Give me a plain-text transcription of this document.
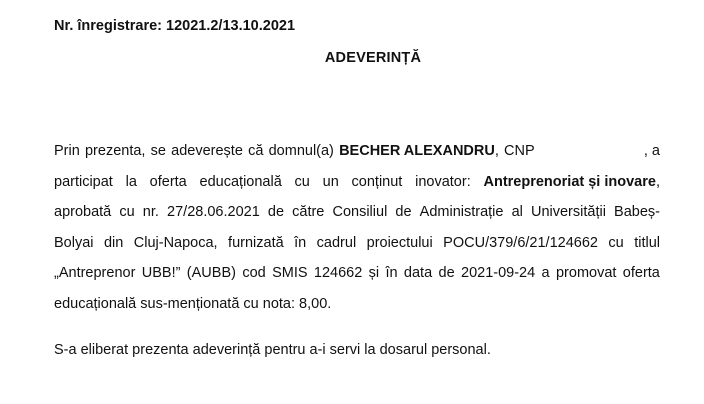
Nr. înregistrare: 12021.2/13.10.2021
ADEVERINȚĂ
Prin prezenta, se adeverește că domnul(a) BECHER ALEXANDRU, CNP	, a
participat la oferta educațională cu un conținut inovator: Antreprenoriat și inovare,
aprobată cu nr. 27/28.06.2021 de către Consiliul de Administrație al Universității Babeș-
Bolyai din Cluj-Napoca, furnizată în cadrul proiectului POCU/379/6/21/124662 cu titlul
„Antreprenor UBB!” (AUBB) cod SMIS 124662 și în data de 2021-09-24 a promovat oferta
educațională sus-menționată cu nota: 8,00.
S-a eliberat prezenta adeverință pentru a-i servi la dosarul personal.
